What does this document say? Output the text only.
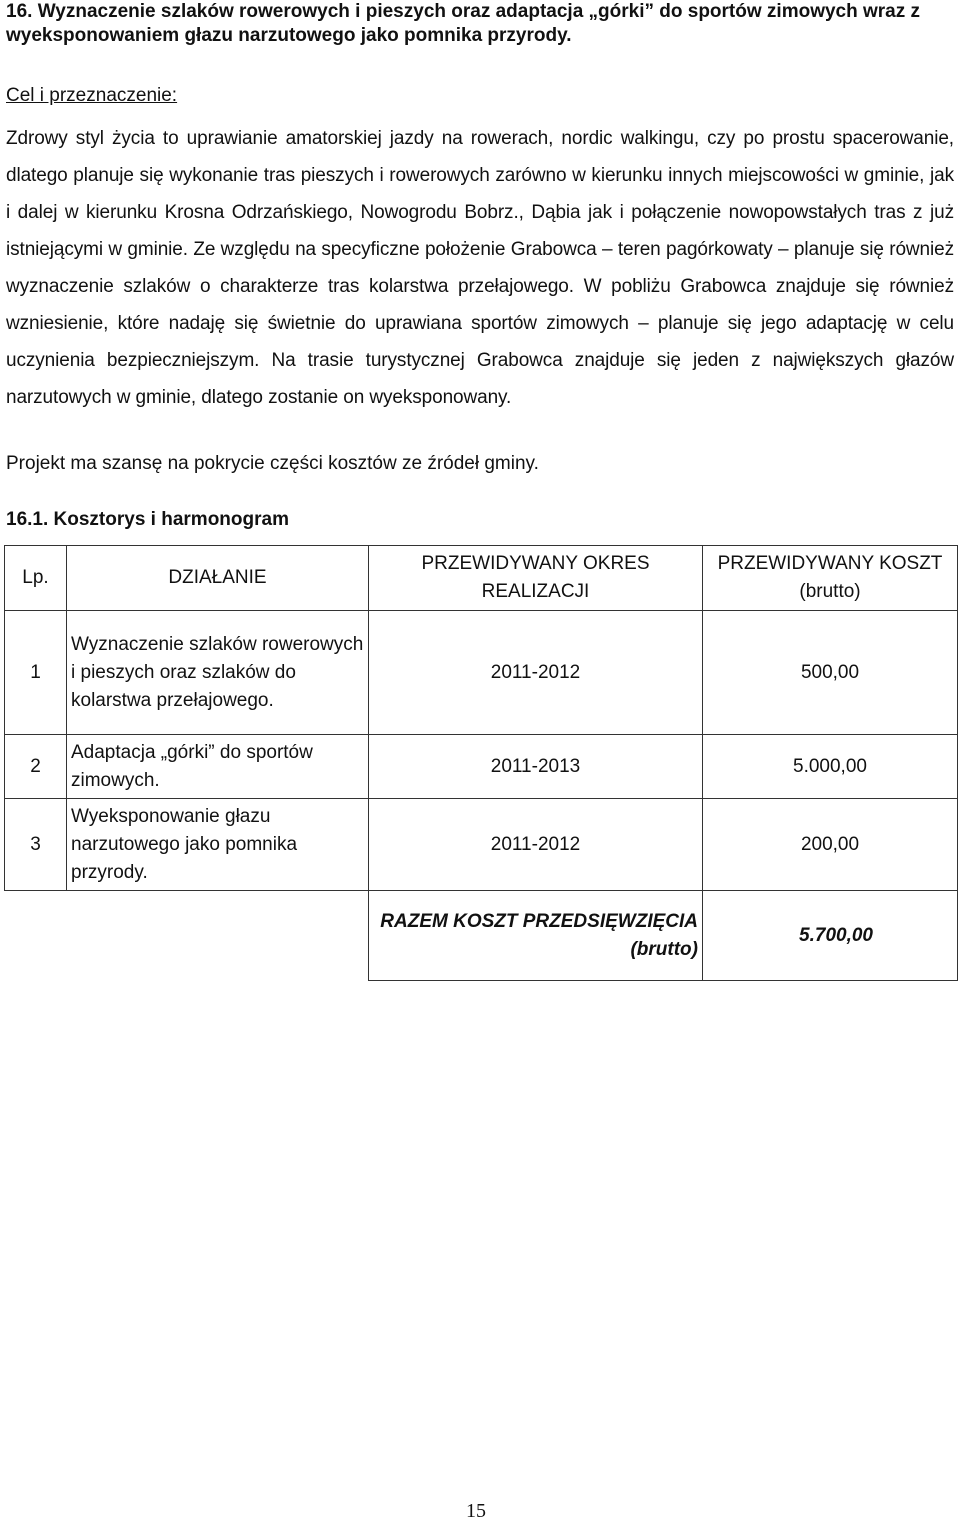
16. Wyznaczenie szlaków rowerowych i pieszych oraz adaptacja „górki” do sportów zimowych wraz z wyeksponowaniem głazu narzutowego jako pomnika przyrody.
Cel i przeznaczenie:
Zdrowy styl życia to uprawianie amatorskiej jazdy na rowerach, nordic walkingu, czy po prostu spacerowanie, dlatego planuje się wykonanie tras pieszych i rowerowych zarówno w kierunku innych miejscowości w gminie, jak i dalej w kierunku Krosna Odrzańskiego, Nowogrodu Bobrz., Dąbia jak i połączenie nowopowstałych tras z już istniejącymi w gminie. Ze względu na specyficzne położenie Grabowca – teren pagórkowaty – planuje się również wyznaczenie szlaków o charakterze tras kolarstwa przełajowego. W pobliżu Grabowca znajduje się również wzniesienie, które nadaję się świetnie do uprawiana sportów zimowych – planuje się jego adaptację w celu uczynienia bezpieczniejszym. Na trasie turystycznej Grabowca znajduje się jeden z największych głazów narzutowych w gminie, dlatego zostanie on wyeksponowany.
Projekt ma szansę na pokrycie części kosztów ze źródeł gminy.
16.1. Kosztorys i harmonogram
Lp.	DZIAŁANIE	PRZEWIDYWANY OKRES REALIZACJI	PRZEWIDYWANY KOSZT (brutto)
1	Wyznaczenie szlaków rowerowych i pieszych oraz szlaków do kolarstwa przełajowego.	2011-2012	500,00
2	Adaptacja „górki” do sportów zimowych.	2011-2013	5.000,00
3	Wyeksponowanie głazu narzutowego jako pomnika przyrody.	2011-2012	200,00
		RAZEM KOSZT PRZEDSIĘWZIĘCIA (brutto)	5.700,00
15
